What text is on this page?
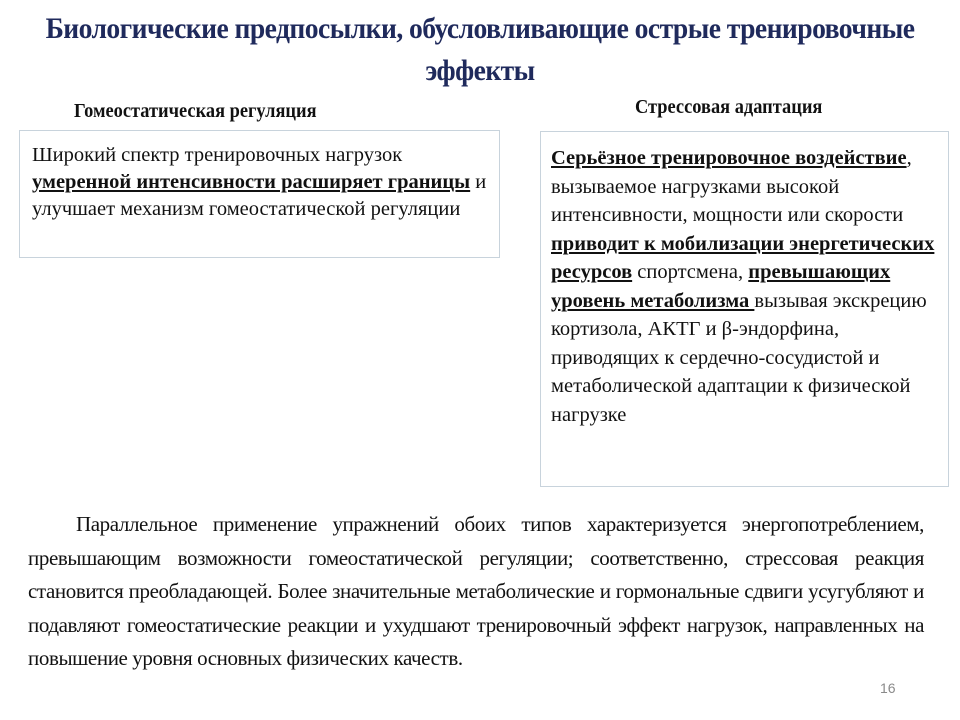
Биологические предпосылки, обусловливающие острые тренировочные эффекты
Гомеостатическая регуляция	Стрессовая адаптация
Широкий спектр тренировочных нагрузок умеренной интенсивности расширяет границы и улучшает механизм гомеостатической регуляции
Серьёзное тренировочное воздействие, вызываемое нагрузками высокой интенсивности, мощности или скорости приводит к мобилизации энергетических ресурсов спортсмена, превышающих уровень метаболизма вызывая экскрецию кортизола, АКТГ и β-эндорфина, приводящих к сердечно-сосудистой и метаболической адаптации к физической нагрузке
Параллельное применение упражнений обоих типов характеризуется энергопотреблением, превышающим возможности гомеостатической регуляции; соответственно, стрессовая реакция становится преобладающей. Более значительные метаболические и гормональные сдвиги усугубляют и подавляют гомеостатические реакции и ухудшают тренировочный эффект нагрузок, направленных на повышение уровня основных физических качеств.
16
